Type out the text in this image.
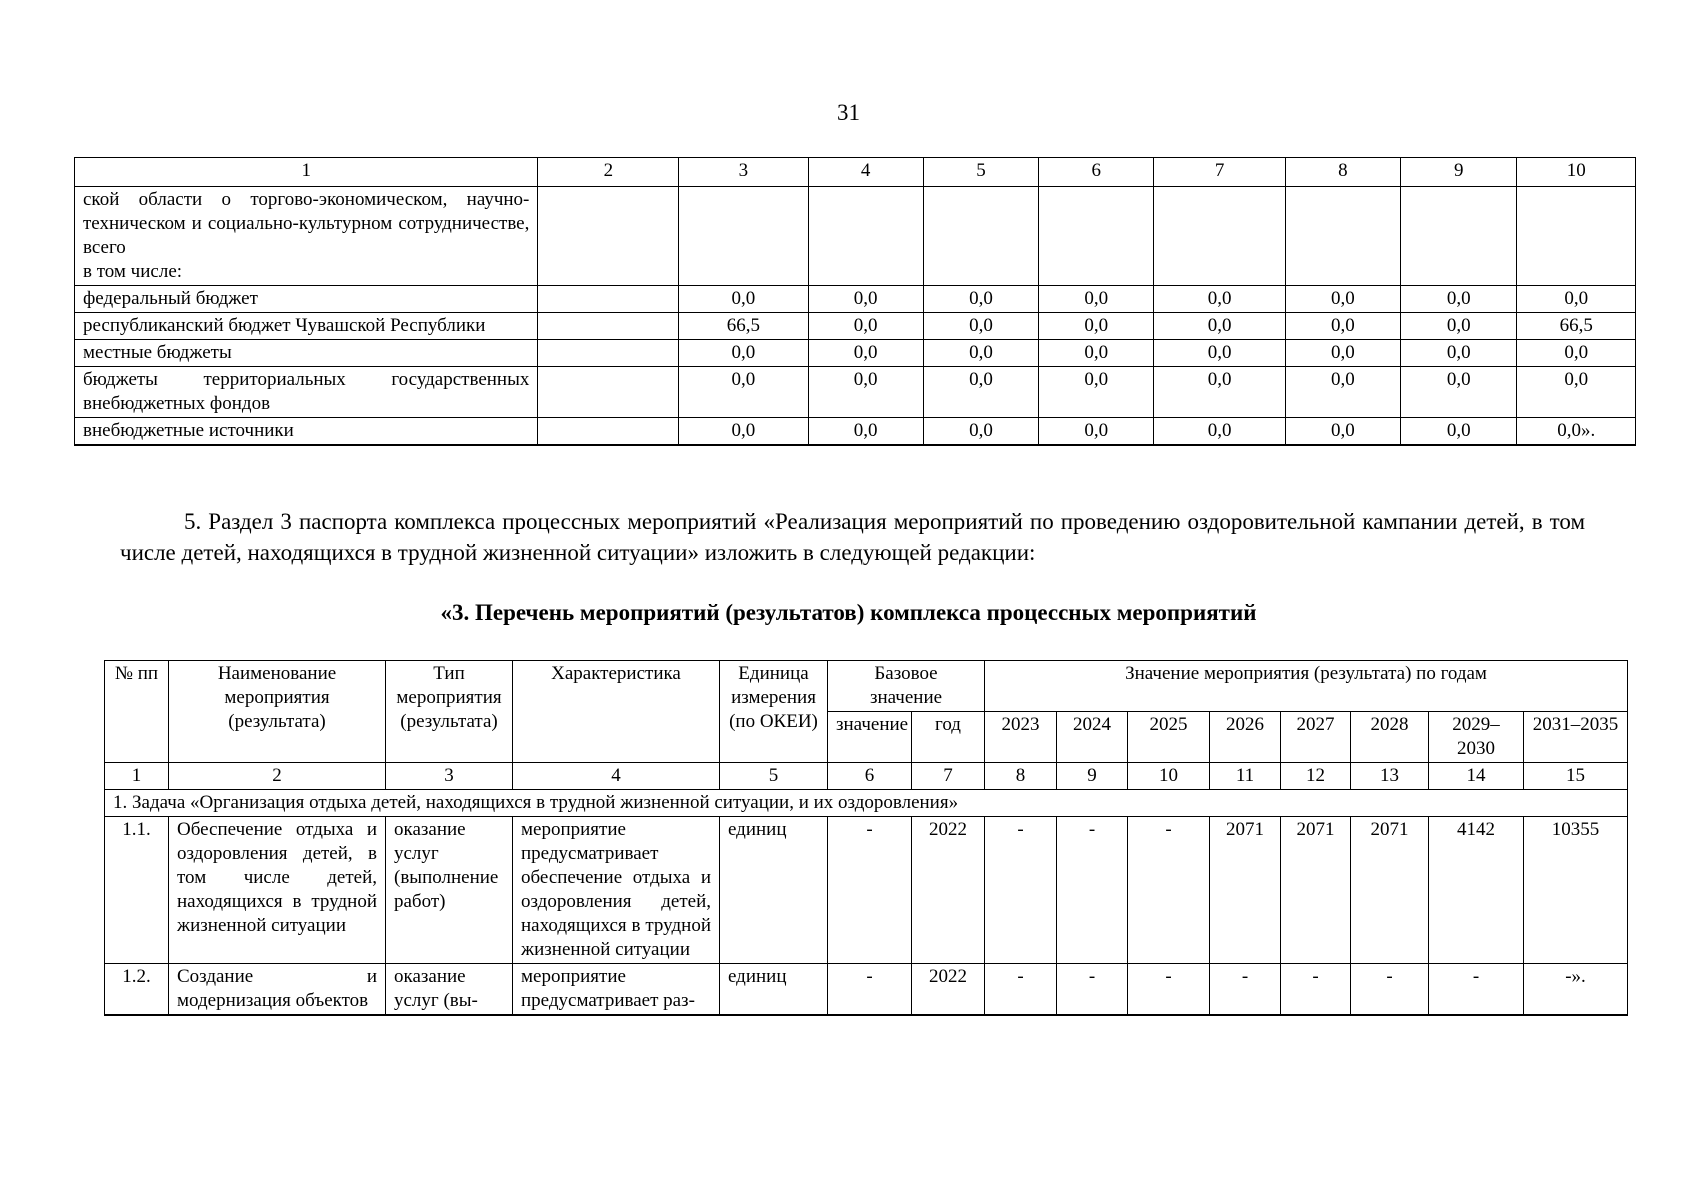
31
1	2	3	4	5	6	7	8	9	10
ской области о торгово-экономическом, научно-техническом и социально-культурном сотрудничестве, всего
в том числе:									
федеральный бюджет		0,0	0,0	0,0	0,0	0,0	0,0	0,0	0,0
республиканский бюджет Чувашской Республики		66,5	0,0	0,0	0,0	0,0	0,0	0,0	66,5
местные бюджеты		0,0	0,0	0,0	0,0	0,0	0,0	0,0	0,0
бюджеты территориальных государственных внебюджетных фондов		0,0	0,0	0,0	0,0	0,0	0,0	0,0	0,0
внебюджетные источники		0,0	0,0	0,0	0,0	0,0	0,0	0,0	0,0».
5. Раздел 3 паспорта комплекса процессных мероприятий «Реализация мероприятий по проведению оздоровительной кампании детей, в том числе детей, находящихся в трудной жизненной ситуации» изложить в следующей редакции:
«3. Перечень мероприятий (результатов) комплекса процессных мероприятий
№ пп	Наименование мероприятия (результата)	Тип мероприятия (результата)	Характеристика	Единица измерения (по ОКЕИ)	Базовое значение		Значение мероприятия (результата) по годам							
					значение	год	2023	2024	2025	2026	2027	2028	2029–2030	2031–2035
1	2	3	4	5	6	7	8	9	10	11	12	13	14	15
1. Задача «Организация отдыха детей, находящихся в трудной жизненной ситуации, и их оздоровления»														
1.1.	Обеспечение отдыха и оздоровления детей, в том числе детей, находящихся в трудной жизненной ситуации	оказание услуг (выполнение работ)	мероприятие предусматривает обеспечение отдыха и оздоровления детей, находящихся в трудной жизненной ситуации	единиц	-	2022	-	-	-	2071	2071	2071	4142	10355
1.2.	Создание и модернизация объектов	оказание услуг (вы-	мероприятие предусматривает раз-	единиц	-	2022	-	-	-	-	-	-	-	-».
